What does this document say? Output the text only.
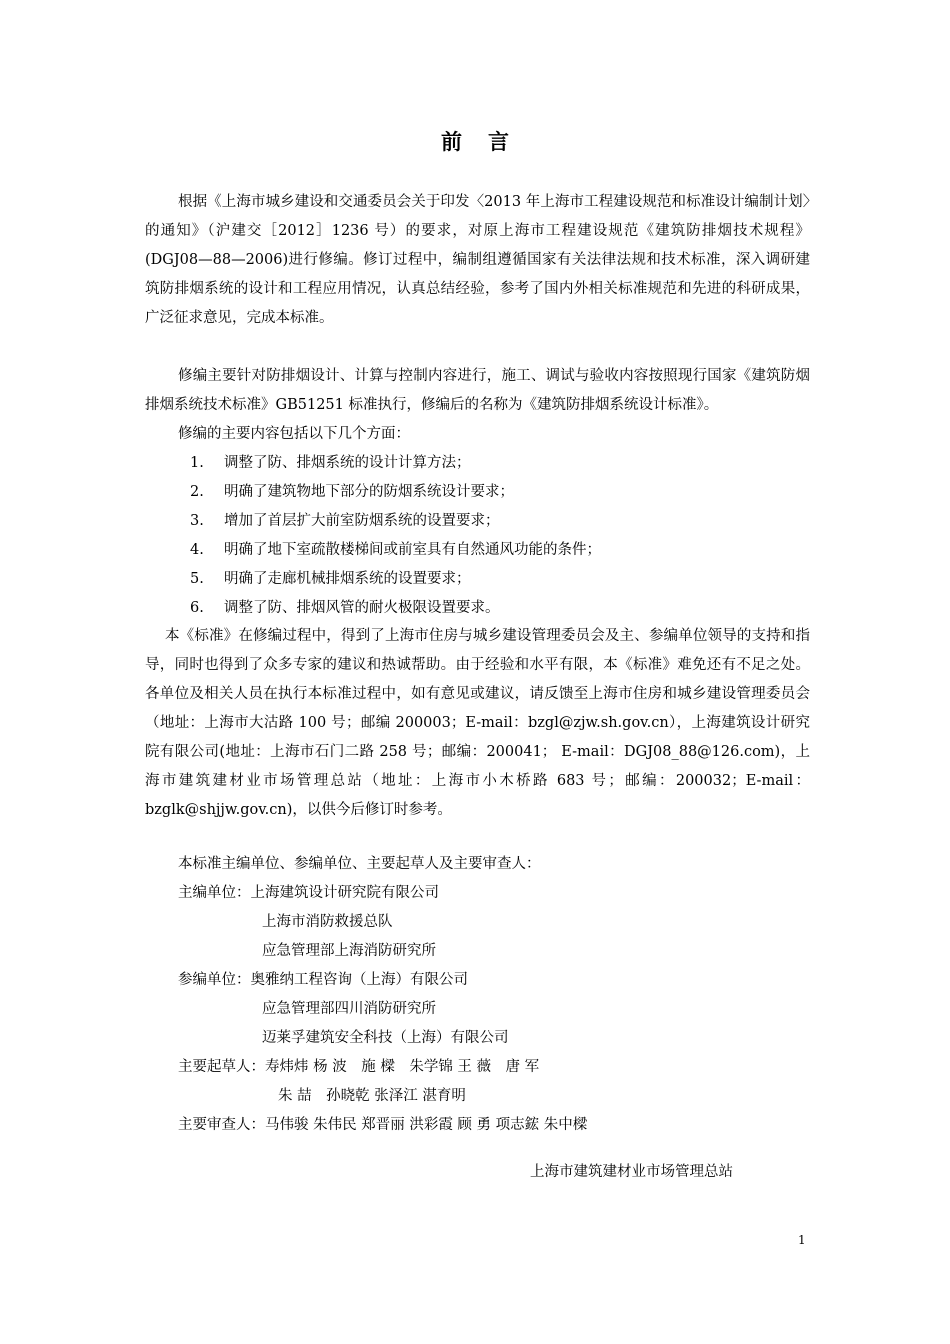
前言
根据《上海市城乡建设和交通委员会关于印发〈2013 年上海市工程建设规范和标准设计编制计划〉的通知》（沪建交［2012］1236 号）的要求，对原上海市工程建设规范《建筑防排烟技术规程》(DGJ08—88—2006)进行修编。修订过程中，编制组遵循国家有关法律法规和技术标准，深入调研建筑防排烟系统的设计和工程应用情况，认真总结经验，参考了国内外相关标准规范和先进的科研成果，广泛征求意见，完成本标准。
修编主要针对防排烟设计、计算与控制内容进行，施工、调试与验收内容按照现行国家《建筑防烟排烟系统技术标准》GB51251 标准执行，修编后的名称为《建筑防排烟系统设计标准》。
修编的主要内容包括以下几个方面：
1. 调整了防、排烟系统的设计计算方法；
2. 明确了建筑物地下部分的防烟系统设计要求；
3. 增加了首层扩大前室防烟系统的设置要求；
4. 明确了地下室疏散楼梯间或前室具有自然通风功能的条件；
5. 明确了走廊机械排烟系统的设置要求；
6. 调整了防、排烟风管的耐火极限设置要求。
本《标准》在修编过程中，得到了上海市住房与城乡建设管理委员会及主、参编单位领导的支持和指导，同时也得到了众多专家的建议和热诚帮助。由于经验和水平有限，本《标准》难免还有不足之处。各单位及相关人员在执行本标准过程中，如有意见或建议，请反馈至上海市住房和城乡建设管理委员会（地址：上海市大沽路 100 号；邮编 200003；E-mail：bzgl@zjw.sh.gov.cn），上海建筑设计研究院有限公司(地址：上海市石门二路 258 号；邮编：200041； E-mail：DGJ08_88@126.com)，上海市建筑建材业市场管理总站（地址：上海市小木桥路 683 号；邮编：200032；E-mail：bzglk@shjjw.gov.cn)，以供今后修订时参考。
本标准主编单位、参编单位、主要起草人及主要审查人：
主编单位：上海建筑设计研究院有限公司
上海市消防救援总队
应急管理部上海消防研究所
参编单位：奥雅纳工程咨询（上海）有限公司
应急管理部四川消防研究所
迈莱孚建筑安全科技（上海）有限公司
主要起草人：寿炜炜 杨 波　施 樑　朱学锦 王 薇　唐 军
朱 喆　孙晓乾 张泽江 湛育明
主要审查人：马伟骏 朱伟民 郑晋丽 洪彩霞 顾 勇 项志鋐 朱中樑
上海市建筑建材业市场管理总站
1
